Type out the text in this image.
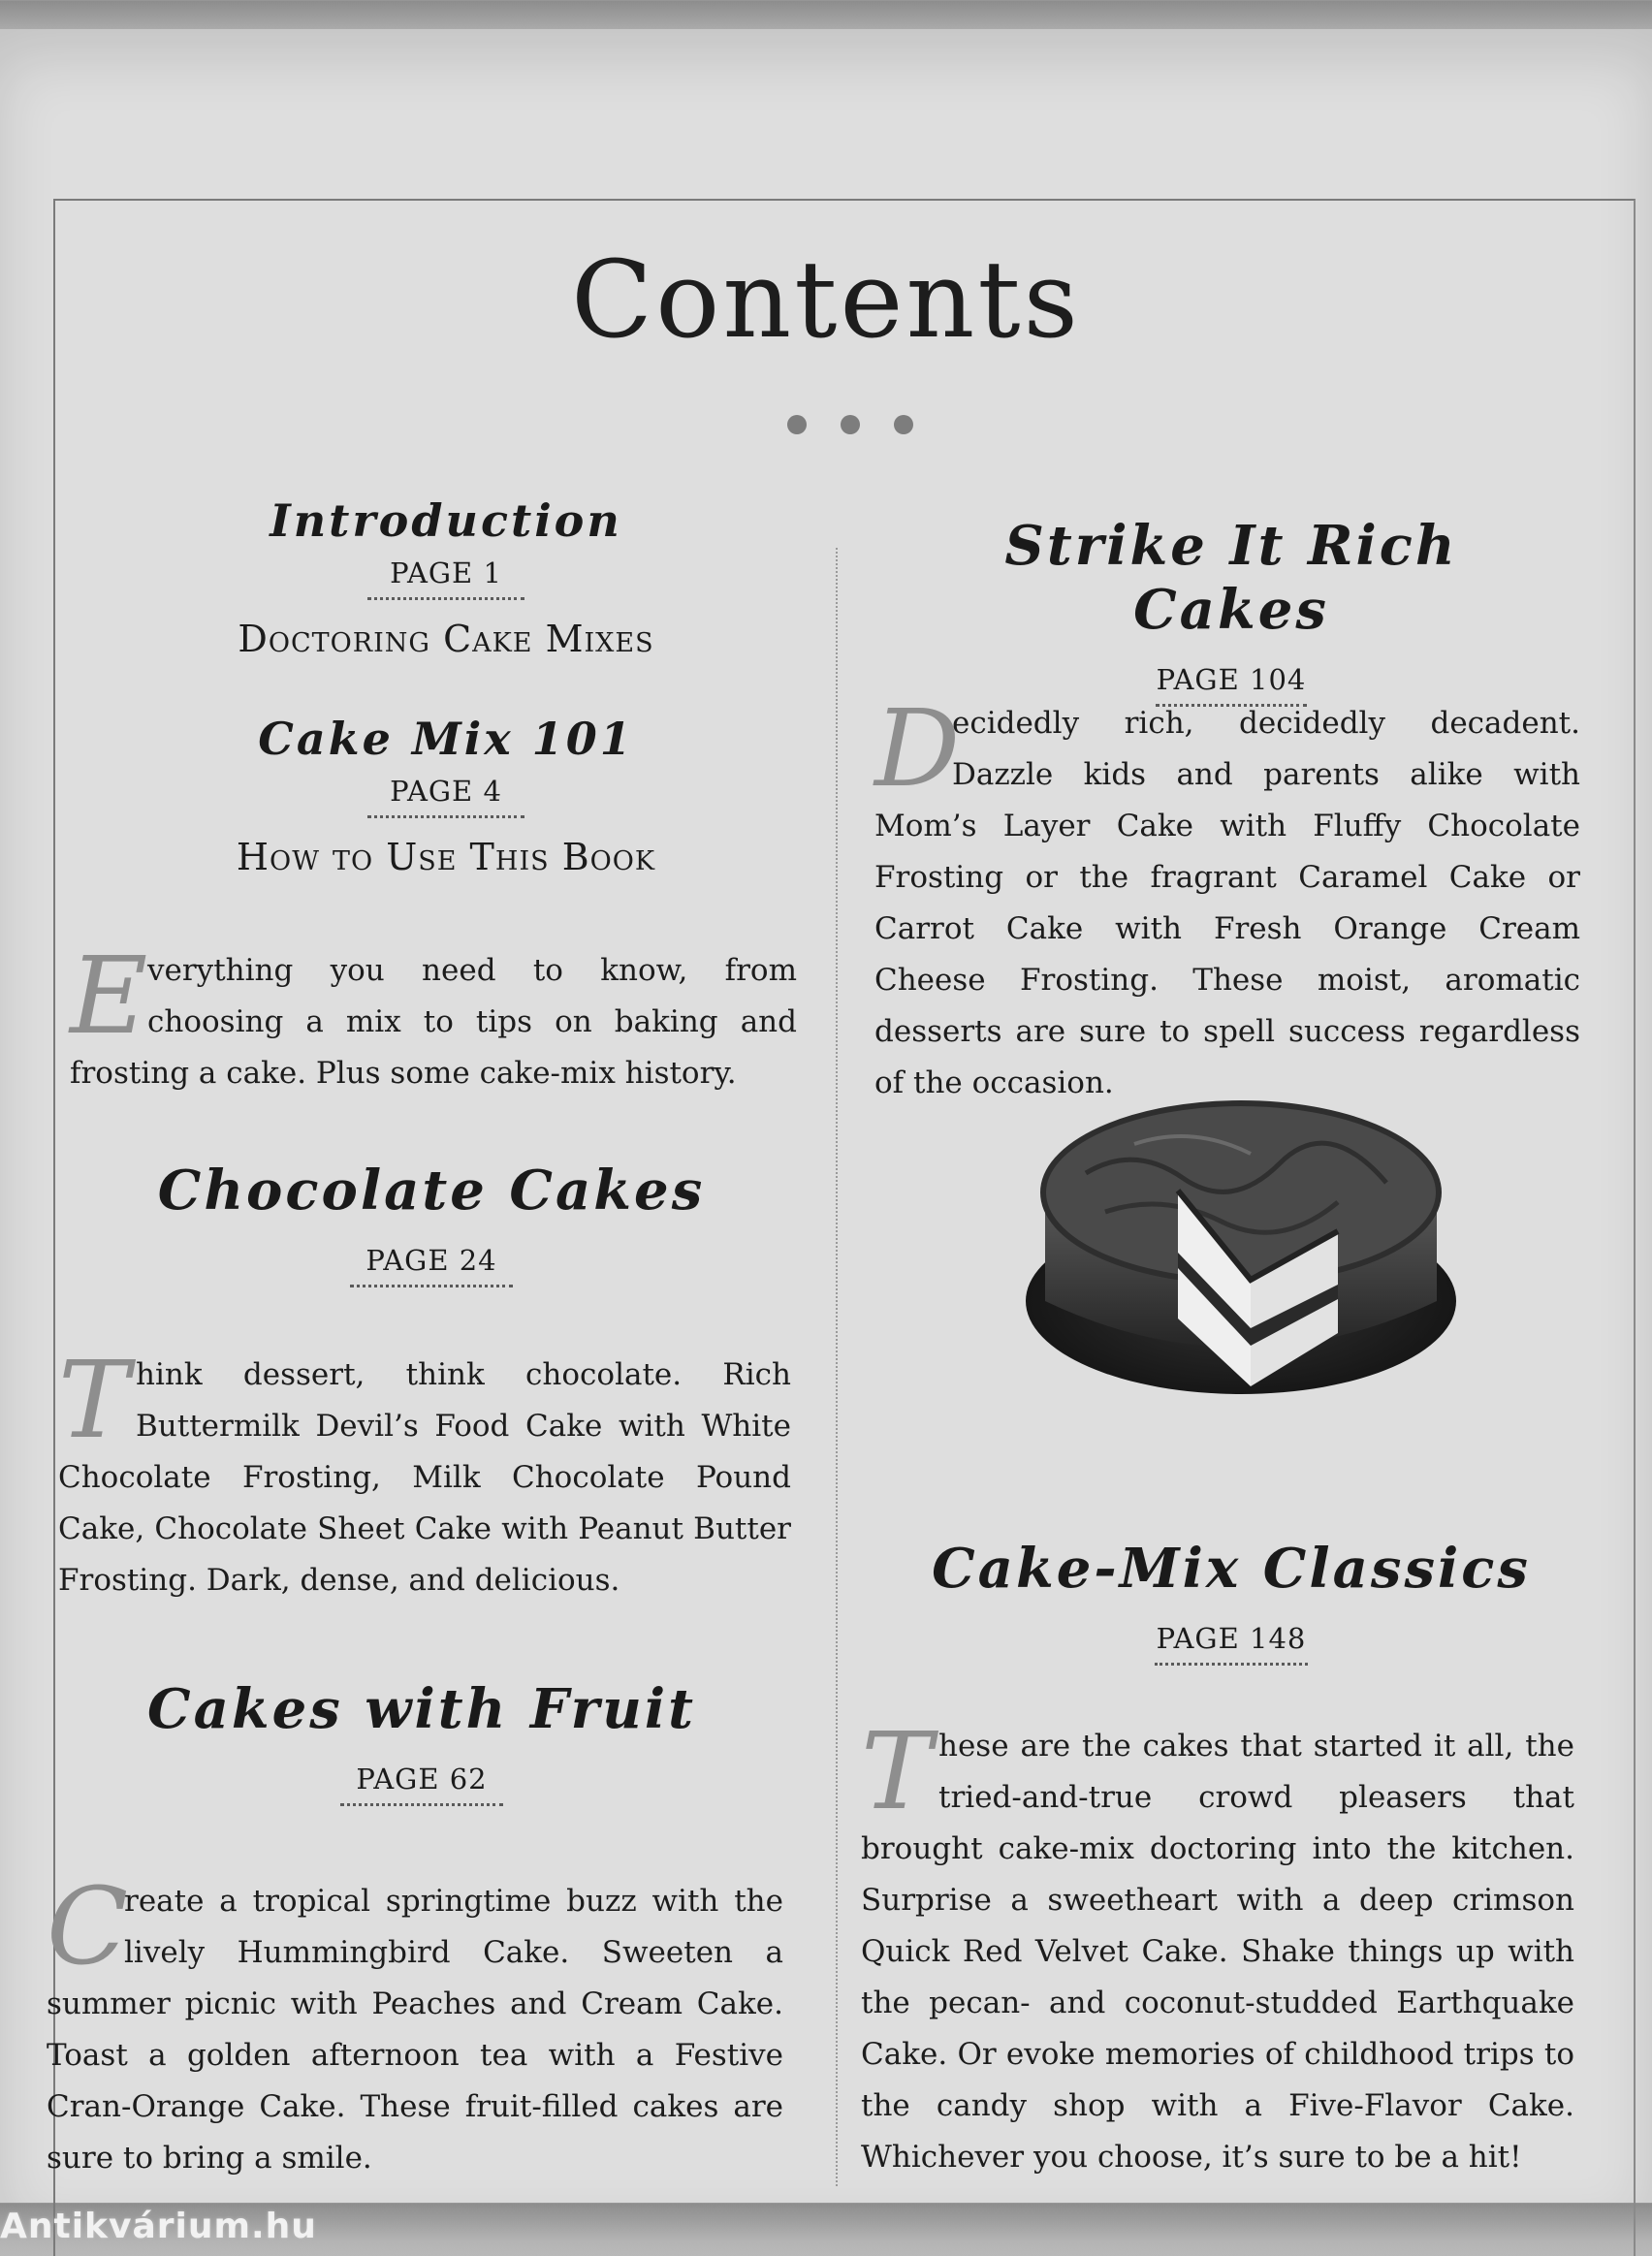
Contents
Introduction
PAGE 1
Doctoring Cake Mixes
Cake Mix 101
PAGE 4
How to Use This Book

Everything you need to know, from choosing a mix to tips on baking and frosting a cake. Plus some cake-mix history.

Chocolate Cakes
PAGE 24

Think dessert, think chocolate. Rich Buttermilk Devil’s Food Cake with White Chocolate Frosting, Milk Chocolate Pound Cake, Chocolate Sheet Cake with Peanut Butter Frosting. Dark, dense, and delicious.

Cakes with Fruit
PAGE 62

C
reate a tropical springtime buzz with the lively Hummingbird Cake. Sweeten a summer picnic with Peaches and Cream Cake. Toast a golden afternoon tea with a Festive Cran-Orange Cake. These fruit-filled cakes are sure to bring a smile.

Strike It Rich Cakes
PAGE 104

D
ecidedly rich, decidedly decadent. Dazzle kids and parents alike with Mom’s Layer Cake with Fluffy Chocolate Frosting or the fragrant Caramel Cake or Carrot Cake with Fresh Orange Cream Cheese Frosting. These moist, aromatic desserts are sure to spell success regardless of the occasion.

Cake-Mix Classics
PAGE 148

These are the cakes that started it all, the tried-and-true crowd pleasers that brought cake-mix doctoring into the kitchen. Surprise a sweetheart with a deep crimson Quick Red Velvet Cake. Shake things up with the pecan- and coconut-studded Earthquake Cake. Or evoke memories of childhood trips to the candy shop with a Five-Flavor Cake. Whichever you choose, it’s sure to be a hit!

Antikvárium.hu
